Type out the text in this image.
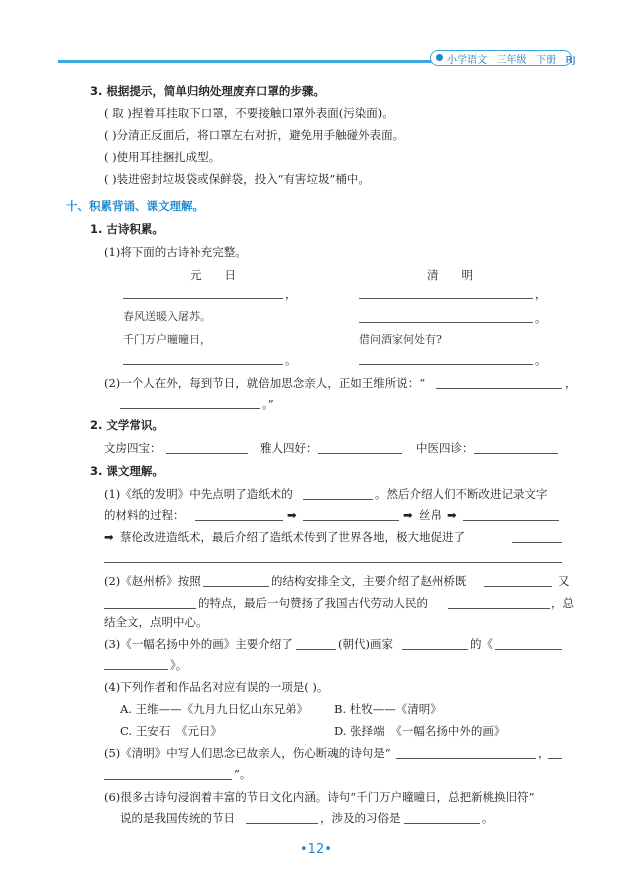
小学语文 三年级 下册 RJ
3. 根据提示，简单归纳处理废弃口罩的步骤。
( 取 )捏着耳挂取下口罩，不要接触口罩外表面(污染面)。
( )分清正反面后，将口罩左右对折，避免用手触碰外表面。
( )使用耳挂捆扎成型。
( )装进密封垃圾袋或保鲜袋，投入“有害垃圾”桶中。
十、积累背诵、课文理解。
1. 古诗积累。
(1)将下面的古诗补充完整。
元　　日	清　　明
，	，
春风送暖入屠苏。	。
千门万户曈曈日，	借问酒家何处有?
。	。
(2)一个人在外，每到节日，就倍加思念亲人，正如王维所说：“	，
。”
2. 文学常识。
文房四宝：	雅人四好：	中医四诊：
3. 课文理解。
(1)《纸的发明》中先点明了造纸术的	。然后介绍人们不断改进记录文字
的材料的过程：	➡	➡ 丝帛 ➡
➡ 蔡伦改进造纸术，最后介绍了造纸术传到了世界各地，极大地促进了
(2)《赵州桥》按照	的结构安排全文，主要介绍了赵州桥既	又
的特点，最后一句赞扬了我国古代劳动人民的	，总
结全文，点明中心。
(3)《一幅名扬中外的画》主要介绍了	(朝代)画家	的《
》。
(4)下列作者和作品名对应有误的一项是( )。
A. 王维——《九月九日忆山东兄弟》 B. 杜牧——《清明》
C. 王安石　《元日》	D. 张择端　《一幅名扬中外的画》
(5)《清明》中写人们思念已故亲人，伤心断魂的诗句是“	，
”。
(6)很多古诗句浸润着丰富的节日文化内涵。诗句“千门万户曈曈日，总把新桃换旧符”
说的是我国传统的节日	，涉及的习俗是	。
•12•
